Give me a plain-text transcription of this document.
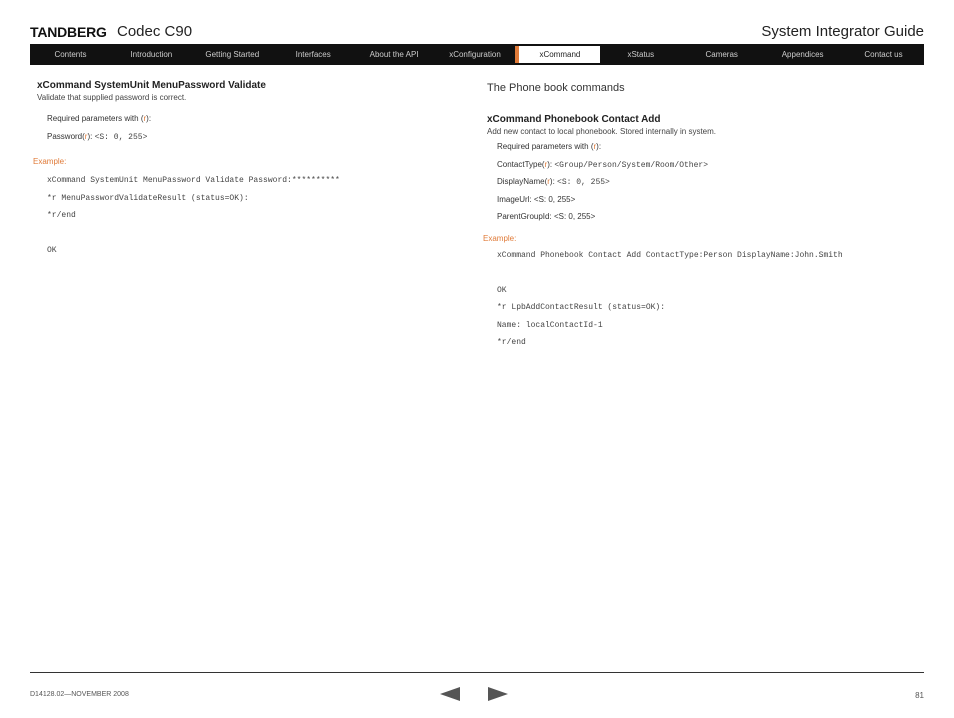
TANDBERG Codec C90	System Integrator Guide
Contents	Introduction	Getting Started	Interfaces	About the API	xConfiguration	xCommand	xStatus	Cameras	Appendices	Contact us
xCommand SystemUnit MenuPassword Validate
Validate that supplied password is correct.
Required parameters with (r):
Password(r): <S: 0, 255>
Example:
xCommand SystemUnit MenuPassword Validate Password:**********
*r MenuPasswordValidateResult (status=OK):
*r/end
OK
The Phone book commands
xCommand Phonebook Contact Add
Add new contact to local phonebook. Stored internally in system.
Required parameters with (r):
ContactType(r): <Group/Person/System/Room/Other>
DisplayName(r): <S: 0, 255>
ImageUrl: <S: 0, 255>
ParentGroupId: <S: 0, 255>
Example:
xCommand Phonebook Contact Add ContactType:Person DisplayName:John.Smith
OK
*r LpbAddContactResult (status=OK):
Name: localContactId-1
*r/end
D14128.02—NOVEMBER 2008	81
